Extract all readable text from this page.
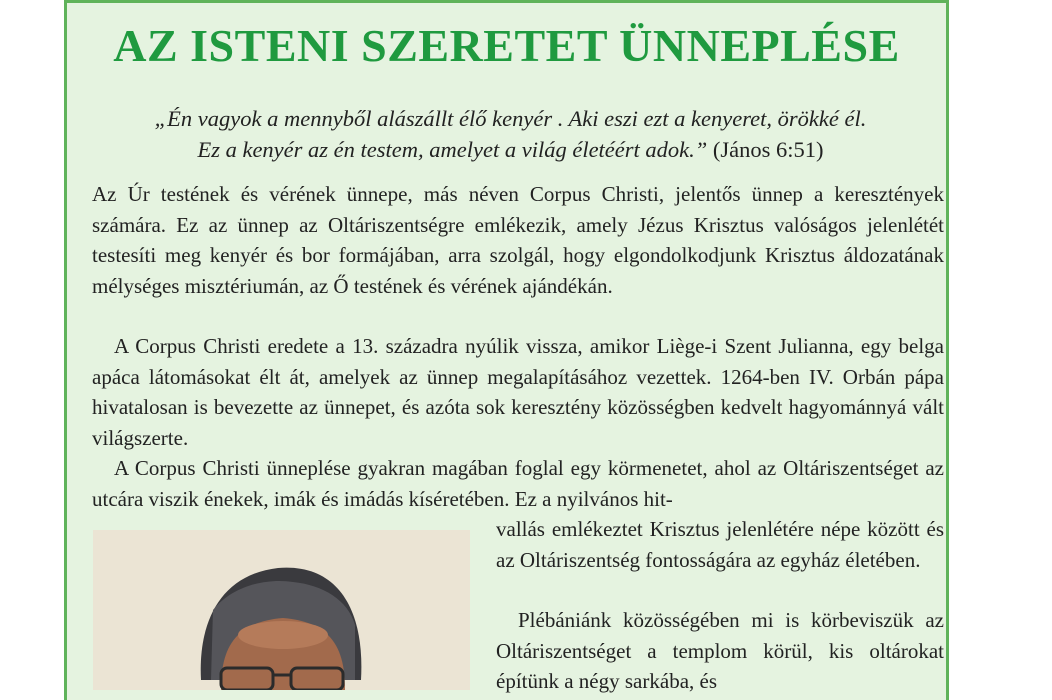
AZ ISTENI SZERETET ÜNNEPLÉSE
„Én vagyok a mennyből alászállt élő kenyér . Aki eszi ezt a kenyeret, örökké él.
Ez a kenyér az én testem, amelyet a világ életéért adok.” (János 6:51)
Az Úr testének és vérének ünnepe, más néven Corpus Christi, jelentős ünnep a keresztények számára. Ez az ünnep az Oltáriszentségre emlékezik, amely Jézus Krisztus valóságos jelenlétét testesíti meg kenyér és bor formájában, arra szolgál, hogy elgondolkodjunk Krisztus áldozatának mélységes misztériumán, az Ő testének és vérének ajándékán.
A Corpus Christi eredete a 13. századra nyúlik vissza, amikor Liège-i Szent Julianna, egy belga apáca látomásokat élt át, amelyek az ünnep megalapításához vezettek. 1264-ben IV. Orbán pápa hivatalosan is bevezette az ünnepet, és azóta sok keresztény közösségben kedvelt hagyománnyá vált világszerte.
A Corpus Christi ünneplése gyakran magában foglal egy körmenetet, ahol az Oltáriszentséget az utcára viszik énekek, imák és imádás kíséretében. Ez a nyilvános hit-
vallás emlékeztet Krisztus jelenlétére népe között és az Oltáriszentség fontosságára az egyház életében.
Plébániánk közösségében mi is körbeviszük az Oltáriszentséget a templom körül, kis oltárokat építünk a négy sarkába, és
